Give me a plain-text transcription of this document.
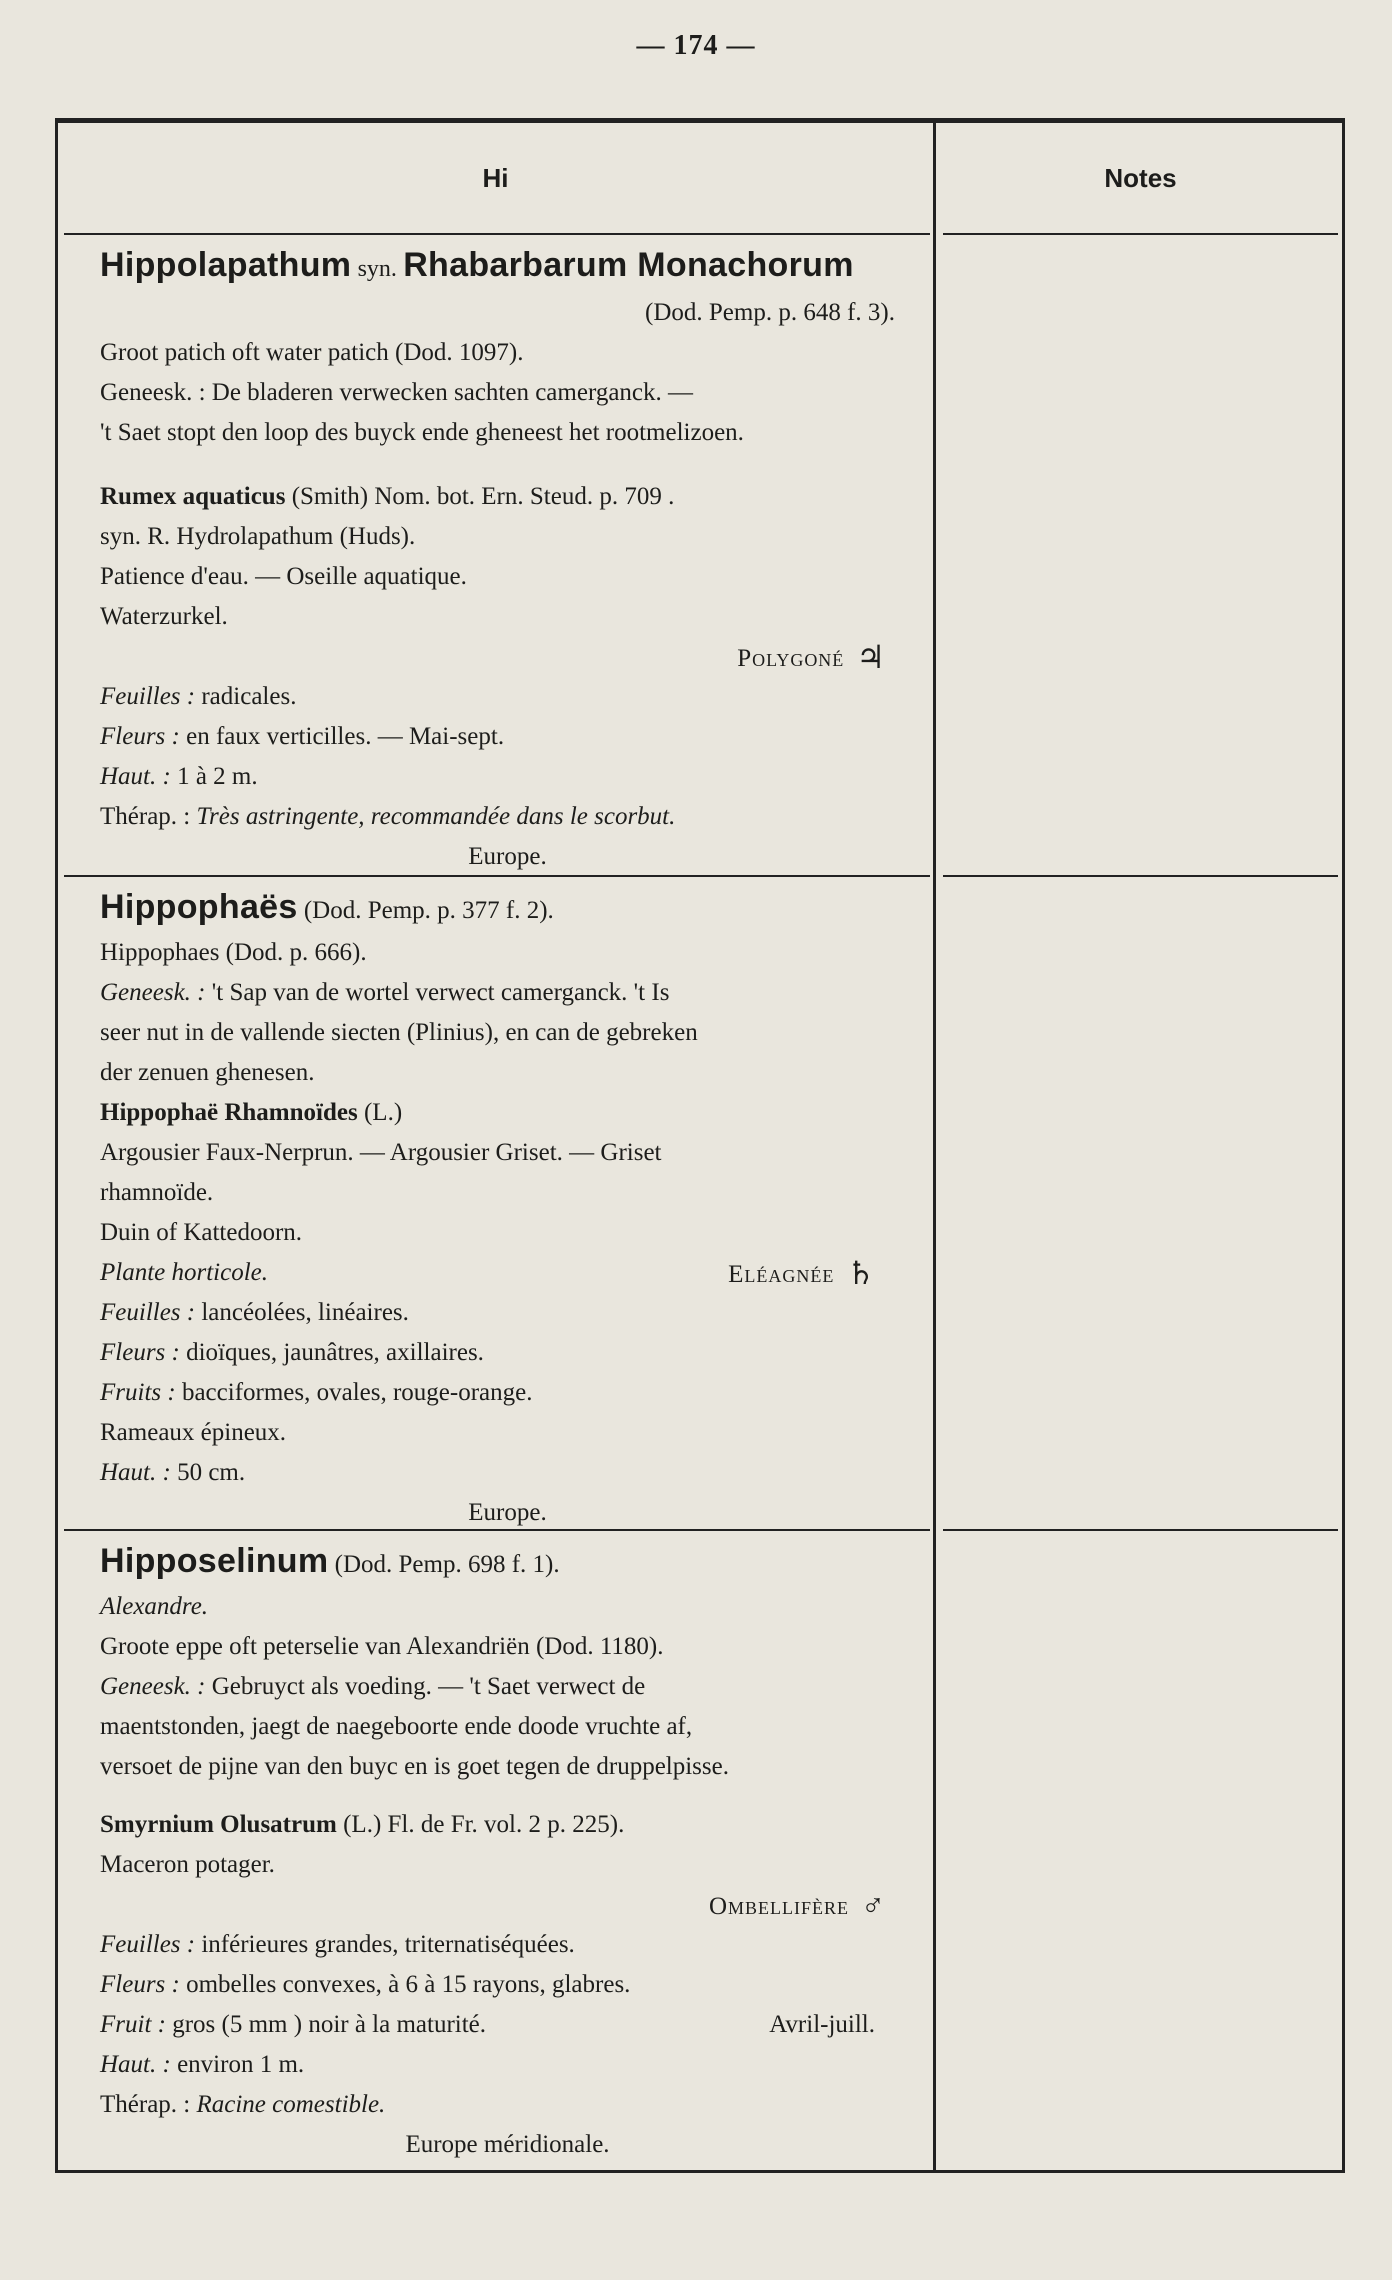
— 174 —
Hi	Notes
Hippolapathum syn. Rhabarbarum Monachorum
(Dod. Pemp. p. 648 f. 3).
Groot patich oft water patich (Dod. 1097).
Geneesk. : De bladeren verwecken sachten camerganck. —
't Saet stopt den loop des buyck ende gheneest het rootmelizoen.
Rumex aquaticus (Smith) Nom. bot. Ern. Steud. p. 709 .
syn. R. Hydrolapathum (Huds).
Patience d'eau. — Oseille aquatique.
Waterzurkel.
Polygoné ♃
Feuilles : radicales.
Fleurs : en faux verticilles. — Mai-sept.
Haut. : 1 à 2 m.
Thérap. : Très astringente, recommandée dans le scorbut.
Europe.
Hippophaës (Dod. Pemp. p. 377 f. 2).
Hippophaes (Dod. p. 666).
Geneesk. : 't Sap van de wortel verwect camerganck. 't Is
seer nut in de vallende siecten (Plinius), en can de gebreken
der zenuen ghenesen.
Hippophaë Rhamnoïdes (L.)
Argousier Faux-Nerprun. — Argousier Griset. — Griset
rhamnoïde.
Duin of Kattedoorn.
Plante horticole.	Eléagnée ♄
Feuilles : lancéolées, linéaires.
Fleurs : dioïques, jaunâtres, axillaires.
Fruits : bacciformes, ovales, rouge-orange.
Rameaux épineux.
Haut. : 50 cm.
Europe.
Hipposelinum (Dod. Pemp. 698 f. 1).
Alexandre.
Groote eppe oft peterselie van Alexandriën (Dod. 1180).
Geneesk. : Gebruyct als voeding. — 't Saet verwect de
maentstonden, jaegt de naegeboorte ende doode vruchte af,
versoet de pijne van den buyc en is goet tegen de druppelpisse.
Smyrnium Olusatrum (L.) Fl. de Fr. vol. 2 p. 225).
Maceron potager.
Ombellifère ♂
Feuilles : inférieures grandes, triternatiséquées.
Fleurs : ombelles convexes, à 6 à 15 rayons, glabres.
Fruit : gros (5 mm ) noir à la maturité.	Avril-juill.
Haut. : environ 1 m.
Thérap. : Racine comestible.
Europe méridionale.
